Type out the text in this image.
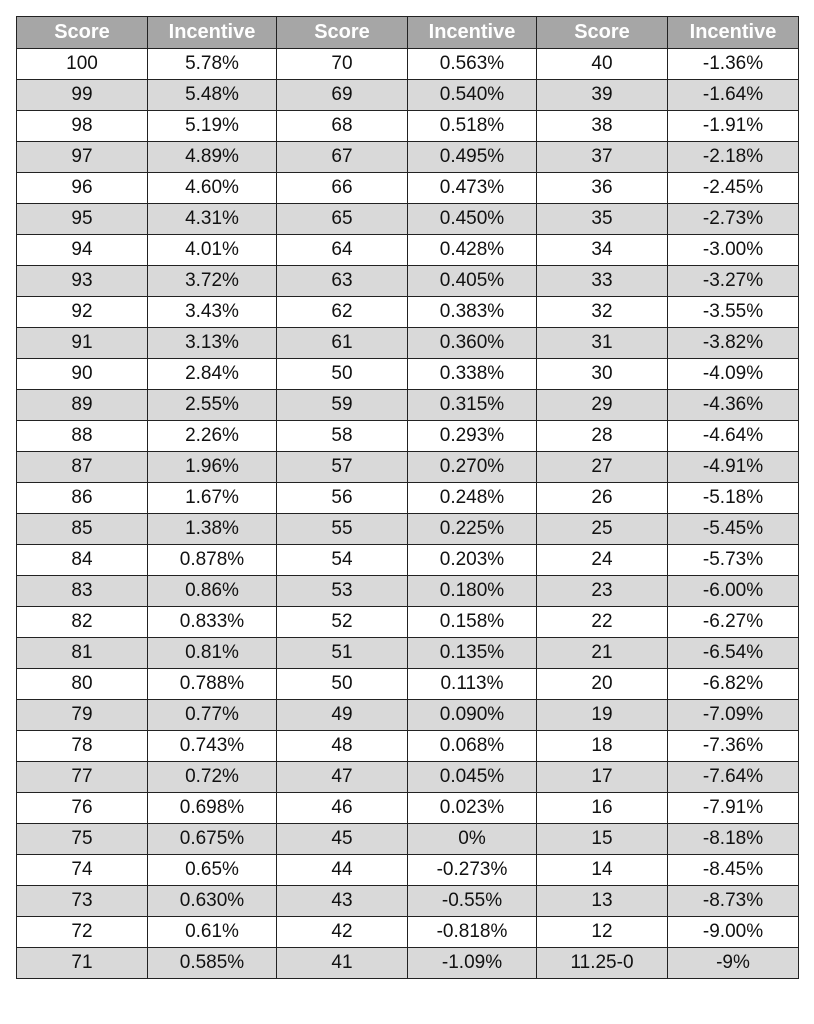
Score	Incentive	Score	Incentive	Score	Incentive
100	5.78%	70	0.563%	40	-1.36%
99	5.48%	69	0.540%	39	-1.64%
98	5.19%	68	0.518%	38	-1.91%
97	4.89%	67	0.495%	37	-2.18%
96	4.60%	66	0.473%	36	-2.45%
95	4.31%	65	0.450%	35	-2.73%
94	4.01%	64	0.428%	34	-3.00%
93	3.72%	63	0.405%	33	-3.27%
92	3.43%	62	0.383%	32	-3.55%
91	3.13%	61	0.360%	31	-3.82%
90	2.84%	50	0.338%	30	-4.09%
89	2.55%	59	0.315%	29	-4.36%
88	2.26%	58	0.293%	28	-4.64%
87	1.96%	57	0.270%	27	-4.91%
86	1.67%	56	0.248%	26	-5.18%
85	1.38%	55	0.225%	25	-5.45%
84	0.878%	54	0.203%	24	-5.73%
83	0.86%	53	0.180%	23	-6.00%
82	0.833%	52	0.158%	22	-6.27%
81	0.81%	51	0.135%	21	-6.54%
80	0.788%	50	0.113%	20	-6.82%
79	0.77%	49	0.090%	19	-7.09%
78	0.743%	48	0.068%	18	-7.36%
77	0.72%	47	0.045%	17	-7.64%
76	0.698%	46	0.023%	16	-7.91%
75	0.675%	45	0%	15	-8.18%
74	0.65%	44	-0.273%	14	-8.45%
73	0.630%	43	-0.55%	13	-8.73%
72	0.61%	42	-0.818%	12	-9.00%
71	0.585%	41	-1.09%	11.25-0	-9%
